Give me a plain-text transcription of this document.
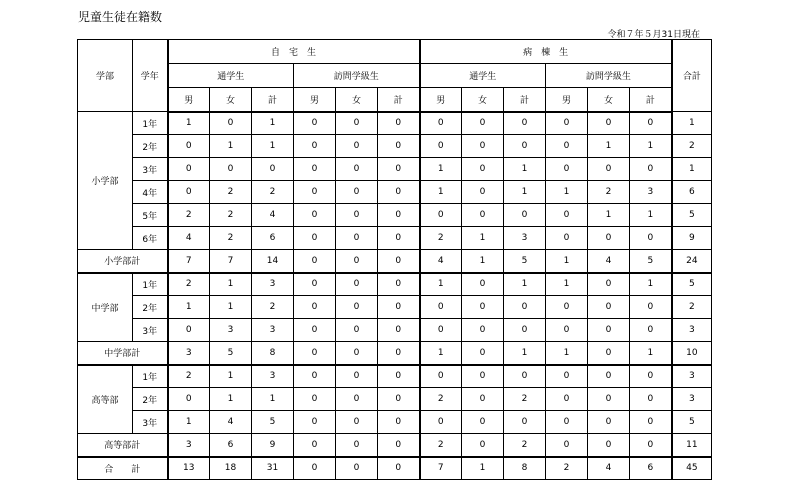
児童生徒在籍数
令和７年５月31日現在
学部	学年	自　宅　生						病　棟　生						合計
		通学生			訪問学級生			通学生			訪問学級生			
		男	女	計	男	女	計	男	女	計	男	女	計	
小学部	1年	1	0	1	0	0	0	0	0	0	0	0	0	1
	2年	0	1	1	0	0	0	0	0	0	0	1	1	2
	3年	0	0	0	0	0	0	1	0	1	0	0	0	1
	4年	0	2	2	0	0	0	1	0	1	1	2	3	6
	5年	2	2	4	0	0	0	0	0	0	0	1	1	5
	6年	4	2	6	0	0	0	2	1	3	0	0	0	9
小学部計		7	7	14	0	0	0	4	1	5	1	4	5	24
中学部	1年	2	1	3	0	0	0	1	0	1	1	0	1	5
	2年	1	1	2	0	0	0	0	0	0	0	0	0	2
	3年	0	3	3	0	0	0	0	0	0	0	0	0	3
中学部計		3	5	8	0	0	0	1	0	1	1	0	1	10
高等部	1年	2	1	3	0	0	0	0	0	0	0	0	0	3
	2年	0	1	1	0	0	0	2	0	2	0	0	0	3
	3年	1	4	5	0	0	0	0	0	0	0	0	0	5
高等部計		3	6	9	0	0	0	2	0	2	0	0	0	11
合　　計		13	18	31	0	0	0	7	1	8	2	4	6	45
